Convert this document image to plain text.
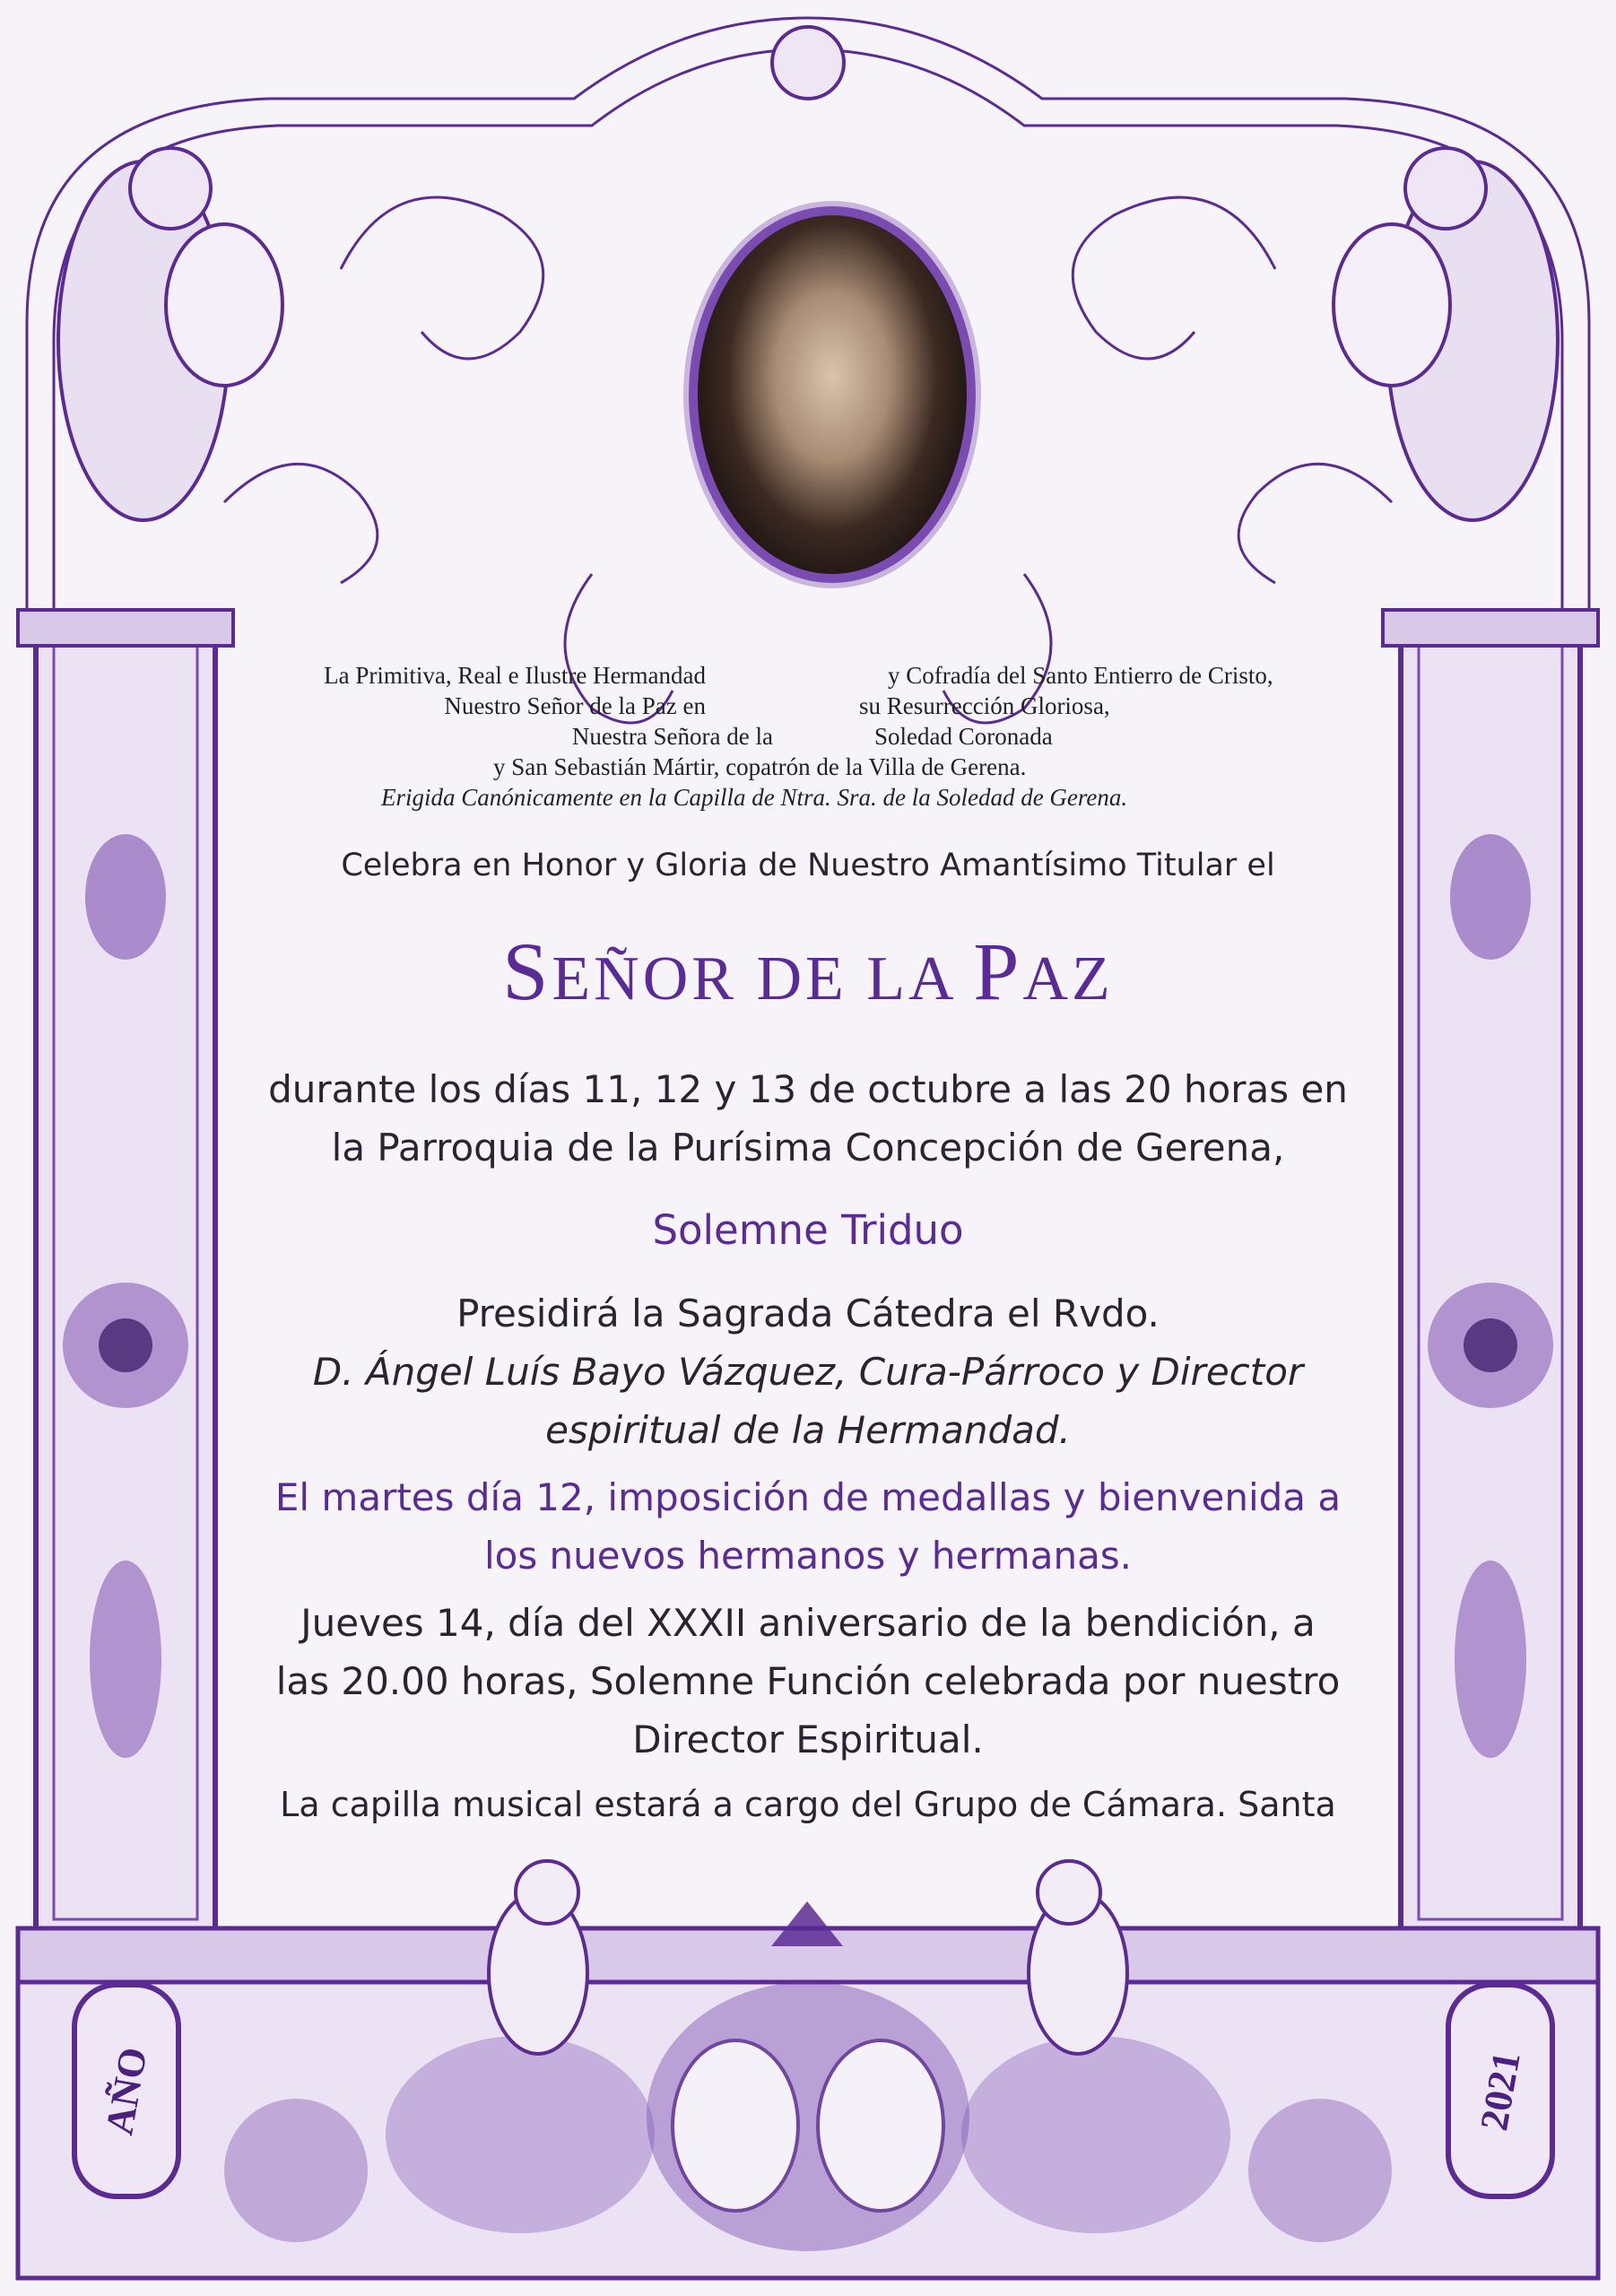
La Primitiva, Real e Ilustre Hermandad	y Cofradía del Santo Entierro de Cristo,
Nuestro Señor de la Paz en	su Resurrección Gloriosa,
Nuestra Señora de la	Soledad Coronada
y San Sebastián Mártir, copatrón de la Villa de Gerena.
Erigida Canónicamente en la Capilla de Ntra. Sra. de la Soledad de Gerena.
Celebra en Honor y Gloria de Nuestro Amantísimo Titular el
SEÑOR DE LA PAZ
durante los días 11, 12 y 13 de octubre a las 20 horas en
la Parroquia de la Purísima Concepción de Gerena,
Solemne Triduo
Presidirá la Sagrada Cátedra el Rvdo.
D. Ángel Luís Bayo Vázquez, Cura-Párroco y Director
espiritual de la Hermandad.
El martes día 12, imposición de medallas y bienvenida a
los nuevos hermanos y hermanas.
Jueves 14, día del XXXII aniversario de la bendición, a
las 20.00 horas, Solemne Función celebrada por nuestro
Director Espiritual.
La capilla musical estará a cargo del Grupo de Cámara. Santa
AÑO	2021
